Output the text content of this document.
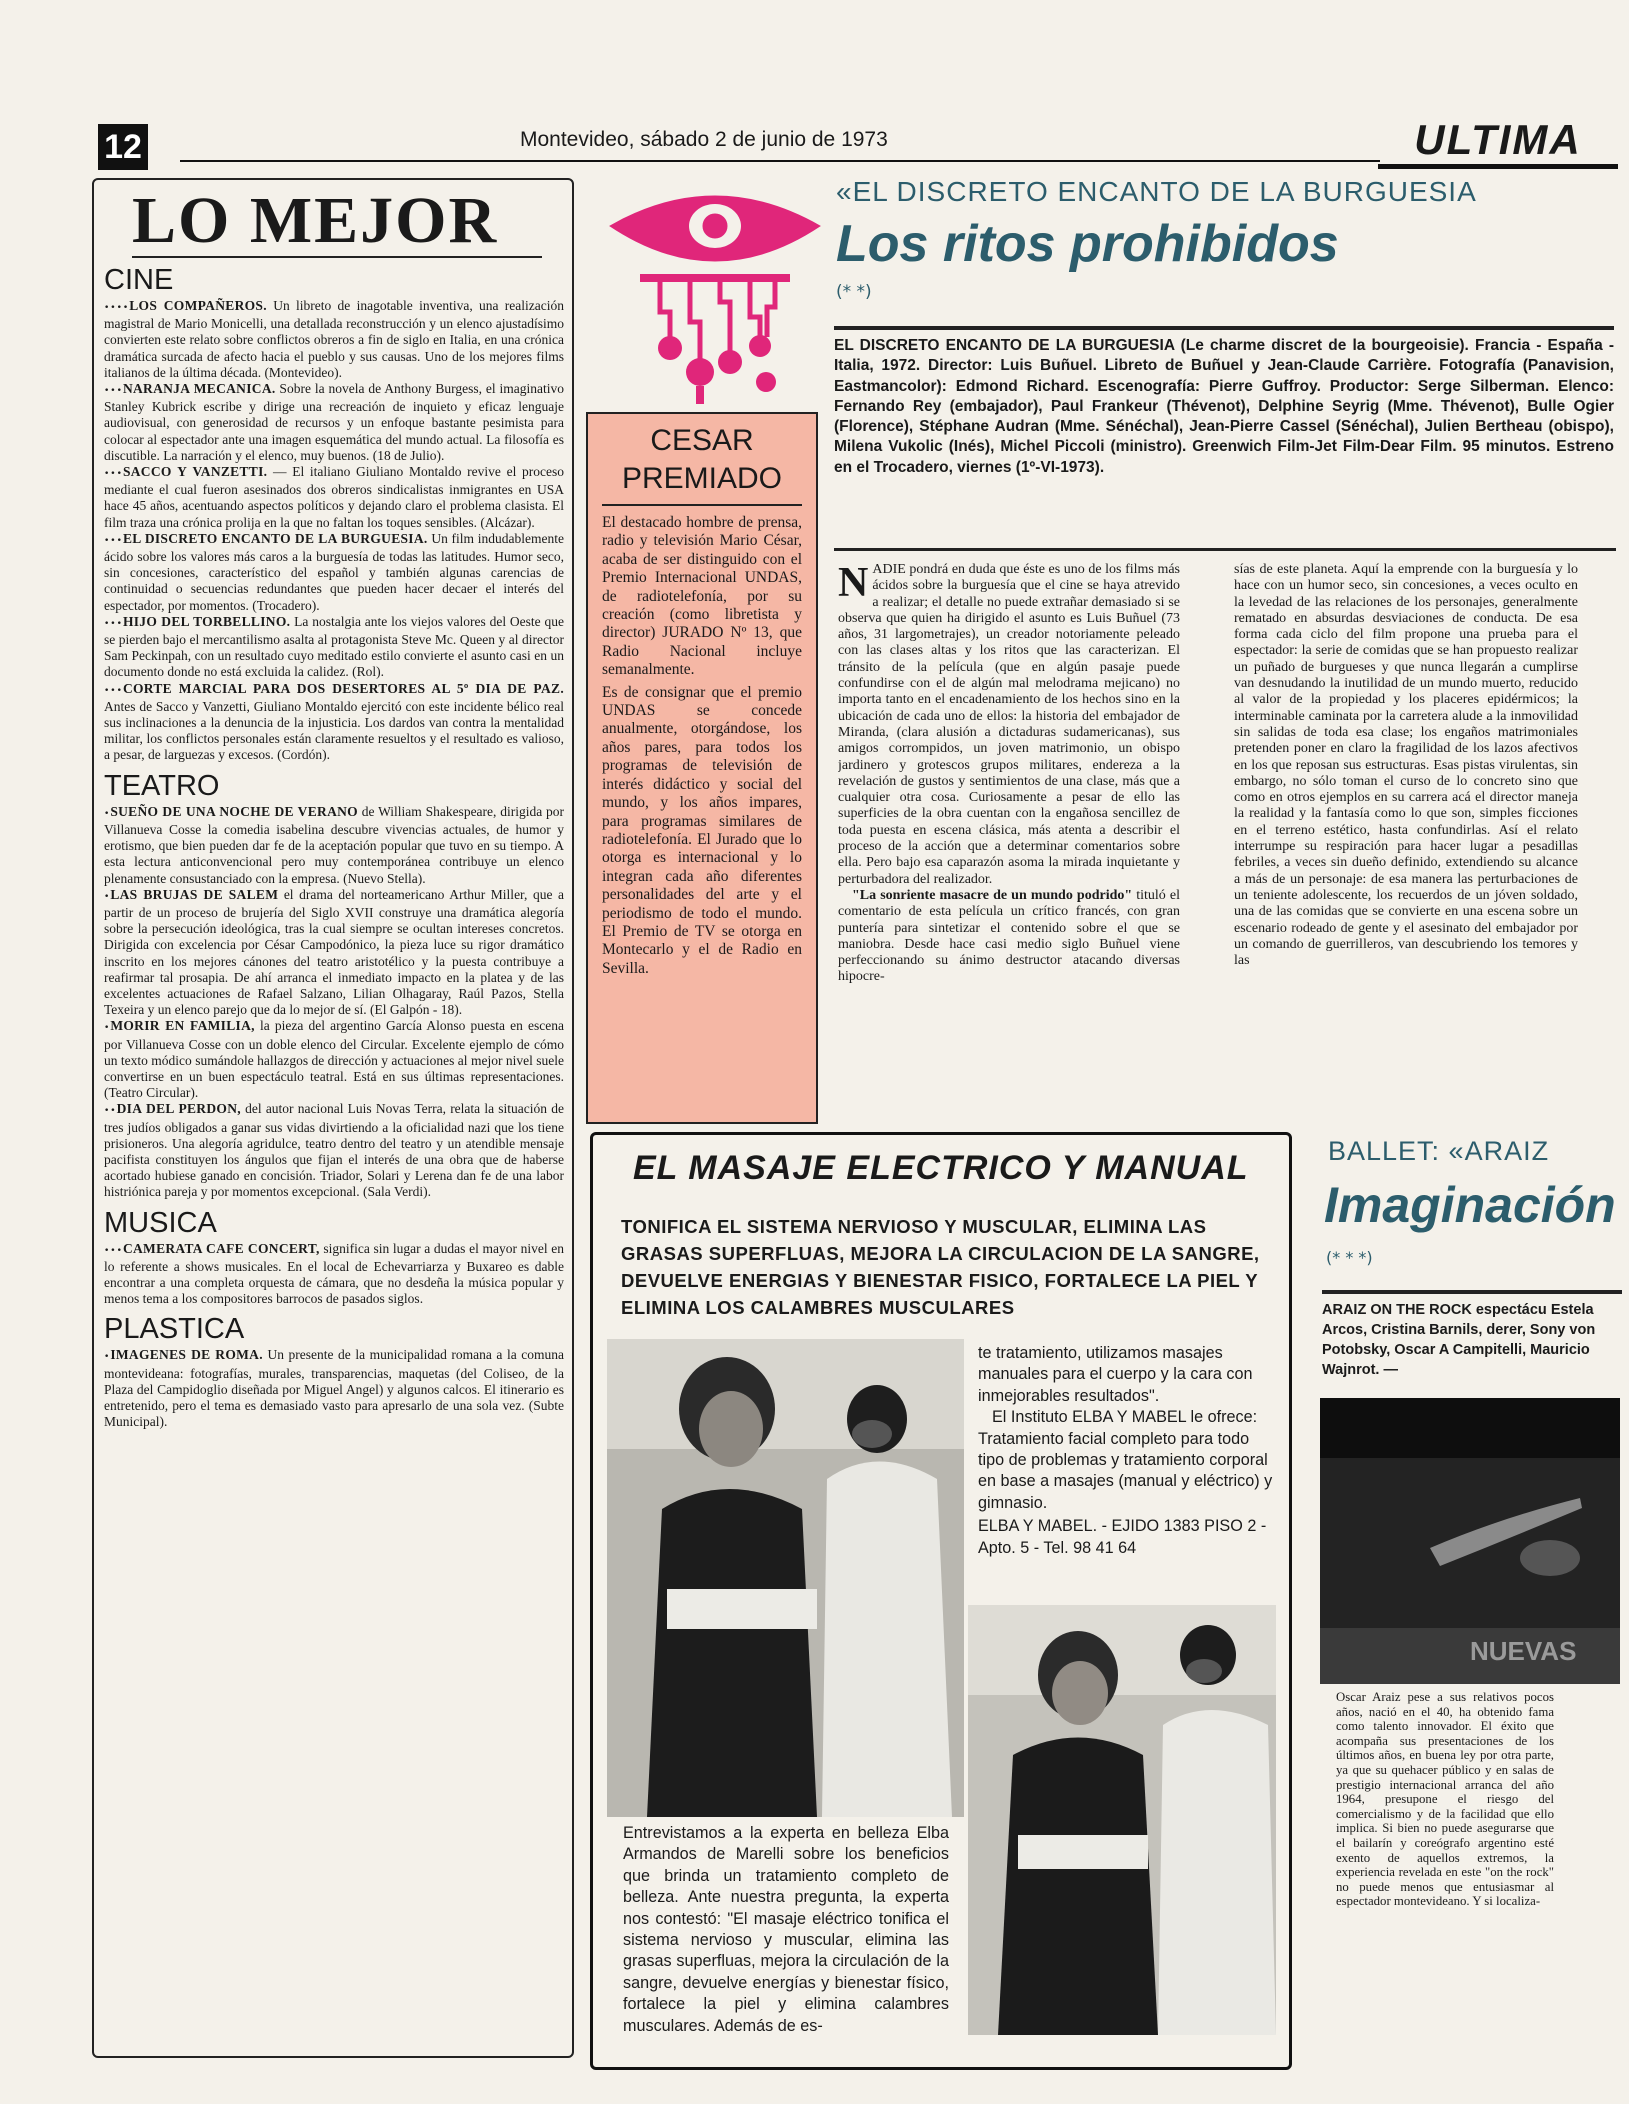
12	Montevideo, sábado 2 de junio de 1973	ULTIMA
LO MEJOR
CINE

••••LOS COMPAÑEROS. Un libreto de inagotable inventiva, una realización magistral de Mario Monicelli, una detallada reconstrucción y un elenco ajustadísimo convierten este relato sobre conflictos obreros a fin de siglo en Italia, en una crónica dramática surcada de afecto hacia el pueblo y sus causas. Uno de los mejores films italianos de la última década. (Montevideo).

•••NARANJA MECANICA. Sobre la novela de Anthony Burgess, el imaginativo Stanley Kubrick escribe y dirige una recreación de inquieto y eficaz lenguaje audiovisual, con generosidad de recursos y un enfoque bastante pesimista para colocar al espectador ante una imagen esquemática del mundo actual. La filosofía es discutible. La narración y el elenco, muy buenos. (18 de Julio).

•••SACCO Y VANZETTI. — El italiano Giuliano Montaldo revive el proceso mediante el cual fueron asesinados dos obreros sindicalistas inmigrantes en USA hace 45 años, acentuando aspectos políticos y dejando claro el problema clasista. El film traza una crónica prolija en la que no faltan los toques sensibles. (Alcázar).

•••EL DISCRETO ENCANTO DE LA BURGUESIA. Un film indudablemente ácido sobre los valores más caros a la burguesía de todas las latitudes. Humor seco, sin concesiones, característico del español y también algunas carencias de continuidad o secuencias redundantes que pueden hacer decaer el interés del espectador, por momentos. (Trocadero).

•••HIJO DEL TORBELLINO. La nostalgia ante los viejos valores del Oeste que se pierden bajo el mercantilismo asalta al protagonista Steve Mc. Queen y al director Sam Peckinpah, con un resultado cuyo meditado estilo convierte el asunto casi en un documento donde no está excluida la calidez. (Rol).

•••CORTE MARCIAL PARA DOS DESERTORES AL 5º DIA DE PAZ. Antes de Sacco y Vanzetti, Giuliano Montaldo ejercitó con este incidente bélico real sus inclinaciones a la denuncia de la injusticia. Los dardos van contra la mentalidad militar, los conflictos personales están claramente resueltos y el resultado es valioso, a pesar, de larguezas y excesos. (Cordón).

TEATRO

•SUEÑO DE UNA NOCHE DE VERANO de William Shakespeare, dirigida por Villanueva Cosse la comedia isabelina descubre vivencias actuales, de humor y erotismo, que bien pueden dar fe de la aceptación popular que tuvo en su tiempo. A esta lectura anticonvencional pero muy contemporánea contribuye un elenco plenamente consustanciado con la empresa. (Nuevo Stella).

•LAS BRUJAS DE SALEM el drama del norteamericano Arthur Miller, que a partir de un proceso de brujería del Siglo XVII construye una dramática alegoría sobre la persecución ideológica, tras la cual siempre se ocultan intereses concretos. Dirigida con excelencia por César Campodónico, la pieza luce su rigor dramático inscrito en los mejores cánones del teatro aristotélico y la puesta contribuye a reafirmar tal prosapia. De ahí arranca el inmediato impacto en la platea y de las excelentes actuaciones de Rafael Salzano, Lilian Olhagaray, Raúl Pazos, Stella Texeira y un elenco parejo que da lo mejor de sí. (El Galpón - 18).

•MORIR EN FAMILIA, la pieza del argentino García Alonso puesta en escena por Villanueva Cosse con un doble elenco del Circular. Excelente ejemplo de cómo un texto módico sumándole hallazgos de dirección y actuaciones al mejor nivel suele convertirse en un buen espectáculo teatral. Está en sus últimas representaciones. (Teatro Circular).

••DIA DEL PERDON, del autor nacional Luis Novas Terra, relata la situación de tres judíos obligados a ganar sus vidas divirtiendo a la oficialidad nazi que los tiene prisioneros. Una alegoría agridulce, teatro dentro del teatro y un atendible mensaje pacifista constituyen los ángulos que fijan el interés de una obra que de haberse acortado hubiese ganado en concisión. Triador, Solari y Lerena dan fe de una labor histriónica pareja y por momentos excepcional. (Sala Verdi).

MUSICA

•••CAMERATA CAFE CONCERT, significa sin lugar a dudas el mayor nivel en lo referente a shows musicales. En el local de Echevarriarza y Buxareo es dable encontrar a una completa orquesta de cámara, que no desdeña la música popular y menos tema a los compositores barrocos de pasados siglos.

PLASTICA

•IMAGENES DE ROMA. Un presente de la municipalidad romana a la comuna montevideana: fotografías, murales, transparencias, maquetas (del Coliseo, de la Plaza del Campidoglio diseñada por Miguel Angel) y algunos calcos. El itinerario es entretenido, pero el tema es demasiado vasto para apresarlo de una sola vez. (Subte Municipal).

CESAR
PREMIADO

El destacado hombre de prensa, radio y televisión Mario César, acaba de ser distinguido con el Premio Internacional UNDAS, de radiotelefonía, por su creación (como libretista y director) JURADO Nº 13, que Radio Nacional incluye semanalmente.

Es de consignar que el premio UNDAS se concede anualmente, otorgándose, los años pares, para todos los programas de televisión de interés didáctico y social del mundo, y los años impares, para programas similares de radiotelefonía. El Jurado que lo otorga es internacional y lo integran cada año diferentes personalidades del arte y el periodismo de todo el mundo. El Premio de TV se otorga en Montecarlo y el de Radio en Sevilla.

«EL DISCRETO ENCANTO DE LA BURGUESIA
Los ritos prohibidos
(* *)
EL DISCRETO ENCANTO DE LA BURGUESIA (Le charme discret de la bourgeoisie). Francia - España - Italia, 1972. Director: Luis Buñuel. Libreto de Buñuel y Jean-Claude Carrière. Fotografía (Panavision, Eastmancolor): Edmond Richard. Escenografía: Pierre Guffroy. Productor: Serge Silberman. Elenco: Fernando Rey (embajador), Paul Frankeur (Thévenot), Delphine Seyrig (Mme. Thévenot), Bulle Ogier (Florence), Stéphane Audran (Mme. Sénéchal), Jean-Pierre Cassel (Sénéchal), Julien Bertheau (obispo), Milena Vukolic (Inés), Michel Piccoli (ministro). Greenwich Film-Jet Film-Dear Film. 95 minutos. Estreno en el Trocadero, viernes (1º-VI-1973).
NADIE pondrá en duda que éste es uno de los films más ácidos sobre la burguesía que el cine se haya atrevido a realizar; el detalle no puede extrañar demasiado si se observa que quien ha dirigido el asunto es Luis Buñuel (73 años, 31 largometrajes), un creador notoriamente peleado con las clases altas y los ritos que las caracterizan. El tránsito de la película (que en algún pasaje puede confundirse con el de algún mal melodrama mejicano) no importa tanto en el encadenamiento de los hechos sino en la ubicación de cada uno de ellos: la historia del embajador de Miranda, (clara alusión a dictaduras sudamericanas), sus amigos corrompidos, un joven matrimonio, un obispo jardinero y grotescos grupos militares, endereza a la revelación de gustos y sentimientos de una clase, más que a cualquier otra cosa. Curiosamente a pesar de ello las superficies de la obra cuentan con la engañosa sencillez de toda puesta en escena clásica, más atenta a describir el proceso de la acción que a determinar comentarios sobre ella. Pero bajo esa caparazón asoma la mirada inquietante y perturbadora del realizador.
"La sonriente masacre de un mundo podrido" tituló el comentario de esta película un crítico francés, con gran puntería para sintetizar el contenido sobre el que se maniobra. Desde hace casi medio siglo Buñuel viene perfeccionando su ánimo destructor atacando diversas hipocre-
sías de este planeta. Aquí la emprende con la burguesía y lo hace con un humor seco, sin concesiones, a veces oculto en la levedad de las relaciones de los personajes, generalmente rematado en absurdas desviaciones de conducta. De esa forma cada ciclo del film propone una prueba para el espectador: la serie de comidas que se han propuesto realizar un puñado de burgueses y que nunca llegarán a cumplirse van desnudando la inutilidad de un mundo muerto, reducido al valor de la propiedad y los placeres epidérmicos; la interminable caminata por la carretera alude a la inmovilidad sin salidas de toda esa clase; los engaños matrimoniales pretenden poner en claro la fragilidad de los lazos afectivos en los que reposan sus estructuras. Esas pistas virulentas, sin embargo, no sólo toman el curso de lo concreto sino que como en otros ejemplos en su carrera acá el director maneja la realidad y la fantasía como lo que son, simples ficciones en el terreno estético, hasta confundirlas. Así el relato interrumpe su respiración para hacer lugar a pesadillas febriles, a veces sin dueño definido, extendiendo su alcance a más de un personaje: de esa manera las perturbaciones de un teniente adolescente, los recuerdos de un jóven soldado, una de las comidas que se convierte en una escena sobre un escenario rodeado de gente y el asesinato del embajador por un comando de guerrilleros, van descubriendo los temores y las
EL MASAJE ELECTRICO Y MANUAL
TONIFICA EL SISTEMA NERVIOSO Y MUSCULAR, ELIMINA LAS GRASAS SUPERFLUAS, MEJORA LA CIRCULACION DE LA SANGRE, DEVUELVE ENERGIAS Y BIENESTAR FISICO, FORTALECE LA PIEL Y ELIMINA LOS CALAMBRES MUSCULARES
te tratamiento, utilizamos masajes manuales para el cuerpo y la cara con inmejorables resultados".
El Instituto ELBA Y MABEL le ofrece: Tratamiento facial completo para todo tipo de problemas y tratamiento corporal en base a masajes (manual y eléctrico) y gimnasio.
ELBA Y MABEL. - EJIDO 1383 PISO 2 - Apto. 5 - Tel. 98 41 64
Entrevistamos a la experta en belleza Elba Armandos de Marelli sobre los beneficios que brinda un tratamiento completo de belleza. Ante nuestra pregunta, la experta nos contestó: "El masaje eléctrico tonifica el sistema nervioso y muscular, elimina las grasas superfluas, mejora la circulación de la sangre, devuelve energías y bienestar físico, fortalece la piel y elimina calambres musculares. Además de es-
BALLET: «ARAIZ
Imaginación
(* * *)
ARAIZ ON THE ROCK espectácu Estela Arcos, Cristina Barnils, derer, Sony von Potobsky, Oscar A Campitelli, Mauricio Wajnrot. —
NUEVAS
Oscar Araiz pese a sus relativos pocos años, nació en el 40, ha obtenido fama como talento innovador. El éxito que acompaña sus presentaciones de los últimos años, en buena ley por otra parte, ya que su quehacer público y en salas de prestigio internacional arranca del año 1964, presupone el riesgo del comercialismo y de la facilidad que ello implica. Si bien no puede asegurarse que el bailarín y coreógrafo argentino esté exento de aquellos extremos, la experiencia revelada en este "on the rock" no puede menos que entusiasmar al espectador montevideano. Y si localiza-
